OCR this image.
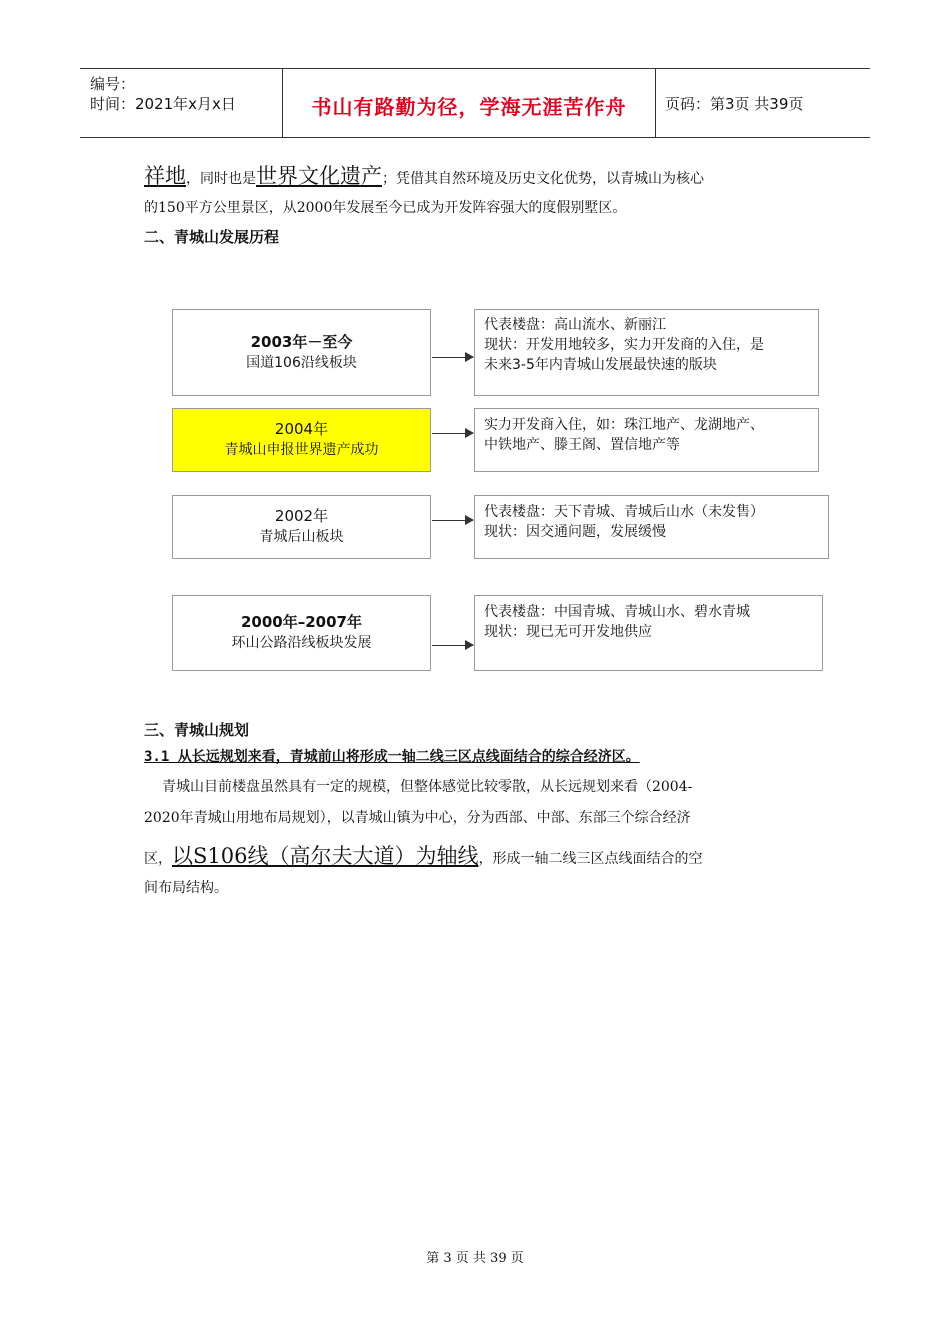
编号：
时间：2021年x月x日	书山有路勤为径，学海无涯苦作舟	页码：第3页 共39页
祥地，同时也是世界文化遗产；凭借其自然环境及历史文化优势，以青城山为核心
的150平方公里景区，从2000年发展至今已成为开发阵容强大的度假别墅区。
二、青城山发展历程
2003年－至今
国道106沿线板块
代表楼盘：高山流水、新丽江
现状：开发用地较多，实力开发商的入住，是
未来3-5年内青城山发展最快速的版块
2004年
青城山申报世界遗产成功
实力开发商入住，如：珠江地产、龙湖地产、
中铁地产、滕王阁、置信地产等
2002年
青城后山板块
代表楼盘：天下青城、青城后山水（未发售）
现状：因交通问题，发展缓慢
2000年–2007年
环山公路沿线板块发展
代表楼盘：中国青城、青城山水、碧水青城
现状：现已无可开发地供应
三、青城山规划
3.1 从长远规划来看，青城前山将形成一轴二线三区点线面结合的综合经济区。
青城山目前楼盘虽然具有一定的规模，但整体感觉比较零散，从长远规划来看（2004-
2020年青城山用地布局规划），以青城山镇为中心，分为西部、中部、东部三个综合经济
区，以S106线（高尔夫大道）为轴线，形成一轴二线三区点线面结合的空
间布局结构。
第 3 页 共 39 页
